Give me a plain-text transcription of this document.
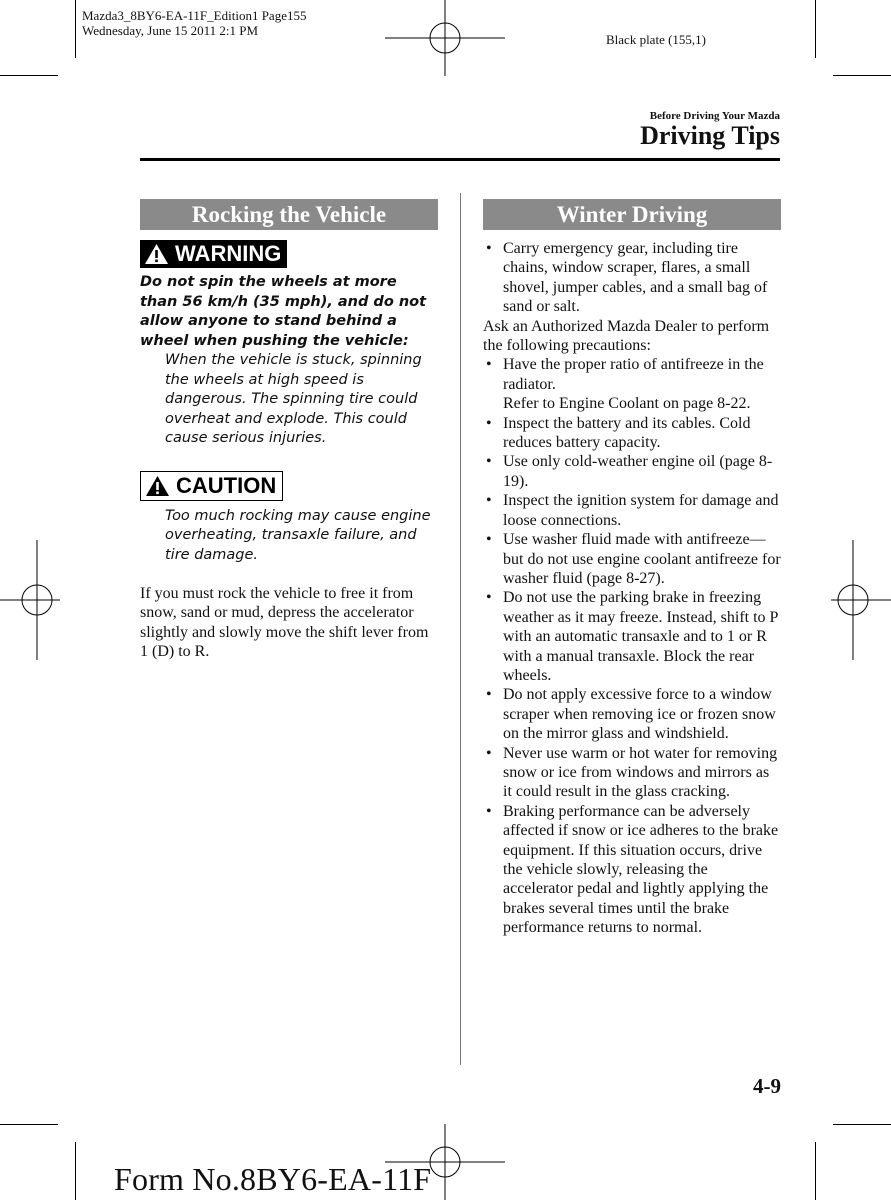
Mazda3_8BY6-EA-11F_Edition1 Page155
Wednesday, June 15 2011 2:1 PM
Black plate (155,1)
Before Driving Your Mazda
Driving Tips
Rocking the Vehicle
WARNING
Do not spin the wheels at more than 56 km/h (35 mph), and do not allow anyone to stand behind a wheel when pushing the vehicle:
When the vehicle is stuck, spinning the wheels at high speed is dangerous. The spinning tire could overheat and explode. This could cause serious injuries.
CAUTION
Too much rocking may cause engine overheating, transaxle failure, and tire damage.
If you must rock the vehicle to free it from snow, sand or mud, depress the accelerator slightly and slowly move the shift lever from 1 (D) to R.
Winter Driving
• Carry emergency gear, including tire chains, window scraper, flares, a small shovel, jumper cables, and a small bag of sand or salt.
Ask an Authorized Mazda Dealer to perform the following precautions:
• Have the proper ratio of antifreeze in the radiator.
Refer to Engine Coolant on page 8-22.
• Inspect the battery and its cables. Cold reduces battery capacity.
• Use only cold-weather engine oil (page 8-19).
• Inspect the ignition system for damage and loose connections.
• Use washer fluid made with antifreeze—but do not use engine coolant antifreeze for washer fluid (page 8-27).
• Do not use the parking brake in freezing weather as it may freeze. Instead, shift to P with an automatic transaxle and to 1 or R with a manual transaxle. Block the rear wheels.
• Do not apply excessive force to a window scraper when removing ice or frozen snow on the mirror glass and windshield.
• Never use warm or hot water for removing snow or ice from windows and mirrors as it could result in the glass cracking.
• Braking performance can be adversely affected if snow or ice adheres to the brake equipment. If this situation occurs, drive the vehicle slowly, releasing the accelerator pedal and lightly applying the brakes several times until the brake performance returns to normal.
4-9
Form No.8BY6-EA-11F
